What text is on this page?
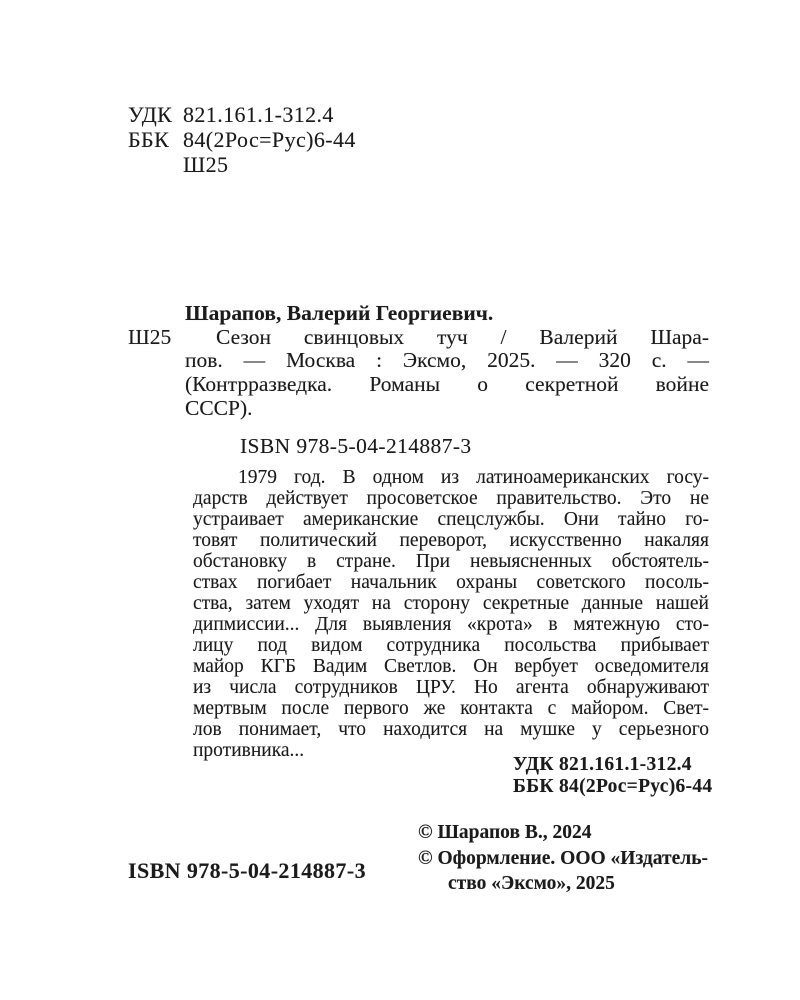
УДК 821.161.1-312.4
ББК 84(2Рос=Рус)6-44
Ш25
Ш25
Шарапов, Валерий Георгиевич.
Сезон свинцовых туч / Валерий Шара-
пов. — Москва : Эксмо, 2025. — 320 с. —
(Контрразведка. Романы о секретной войне
СССР).
ISBN 978-5-04-214887-3
1979 год. В одном из латиноамериканских госу-
дарств действует просоветское правительство. Это не
устраивает американские спецслужбы. Они тайно го-
товят политический переворот, искусственно накаляя
обстановку в стране. При невыясненных обстоятель-
ствах погибает начальник охраны советского посоль-
ства, затем уходят на сторону секретные данные нашей
дипмиссии... Для выявления «крота» в мятежную сто-
лицу под видом сотрудника посольства прибывает
майор КГБ Вадим Светлов. Он вербует осведомителя
из числа сотрудников ЦРУ. Но агента обнаруживают
мертвым после первого же контакта с майором. Свет-
лов понимает, что находится на мушке у серьезного
противника...
УДК 821.161.1-312.4
ББК 84(2Рос=Рус)6-44
© Шарапов В., 2024
© Оформление. ООО «Издатель-
ство «Эксмо», 2025
ISBN 978-5-04-214887-3
